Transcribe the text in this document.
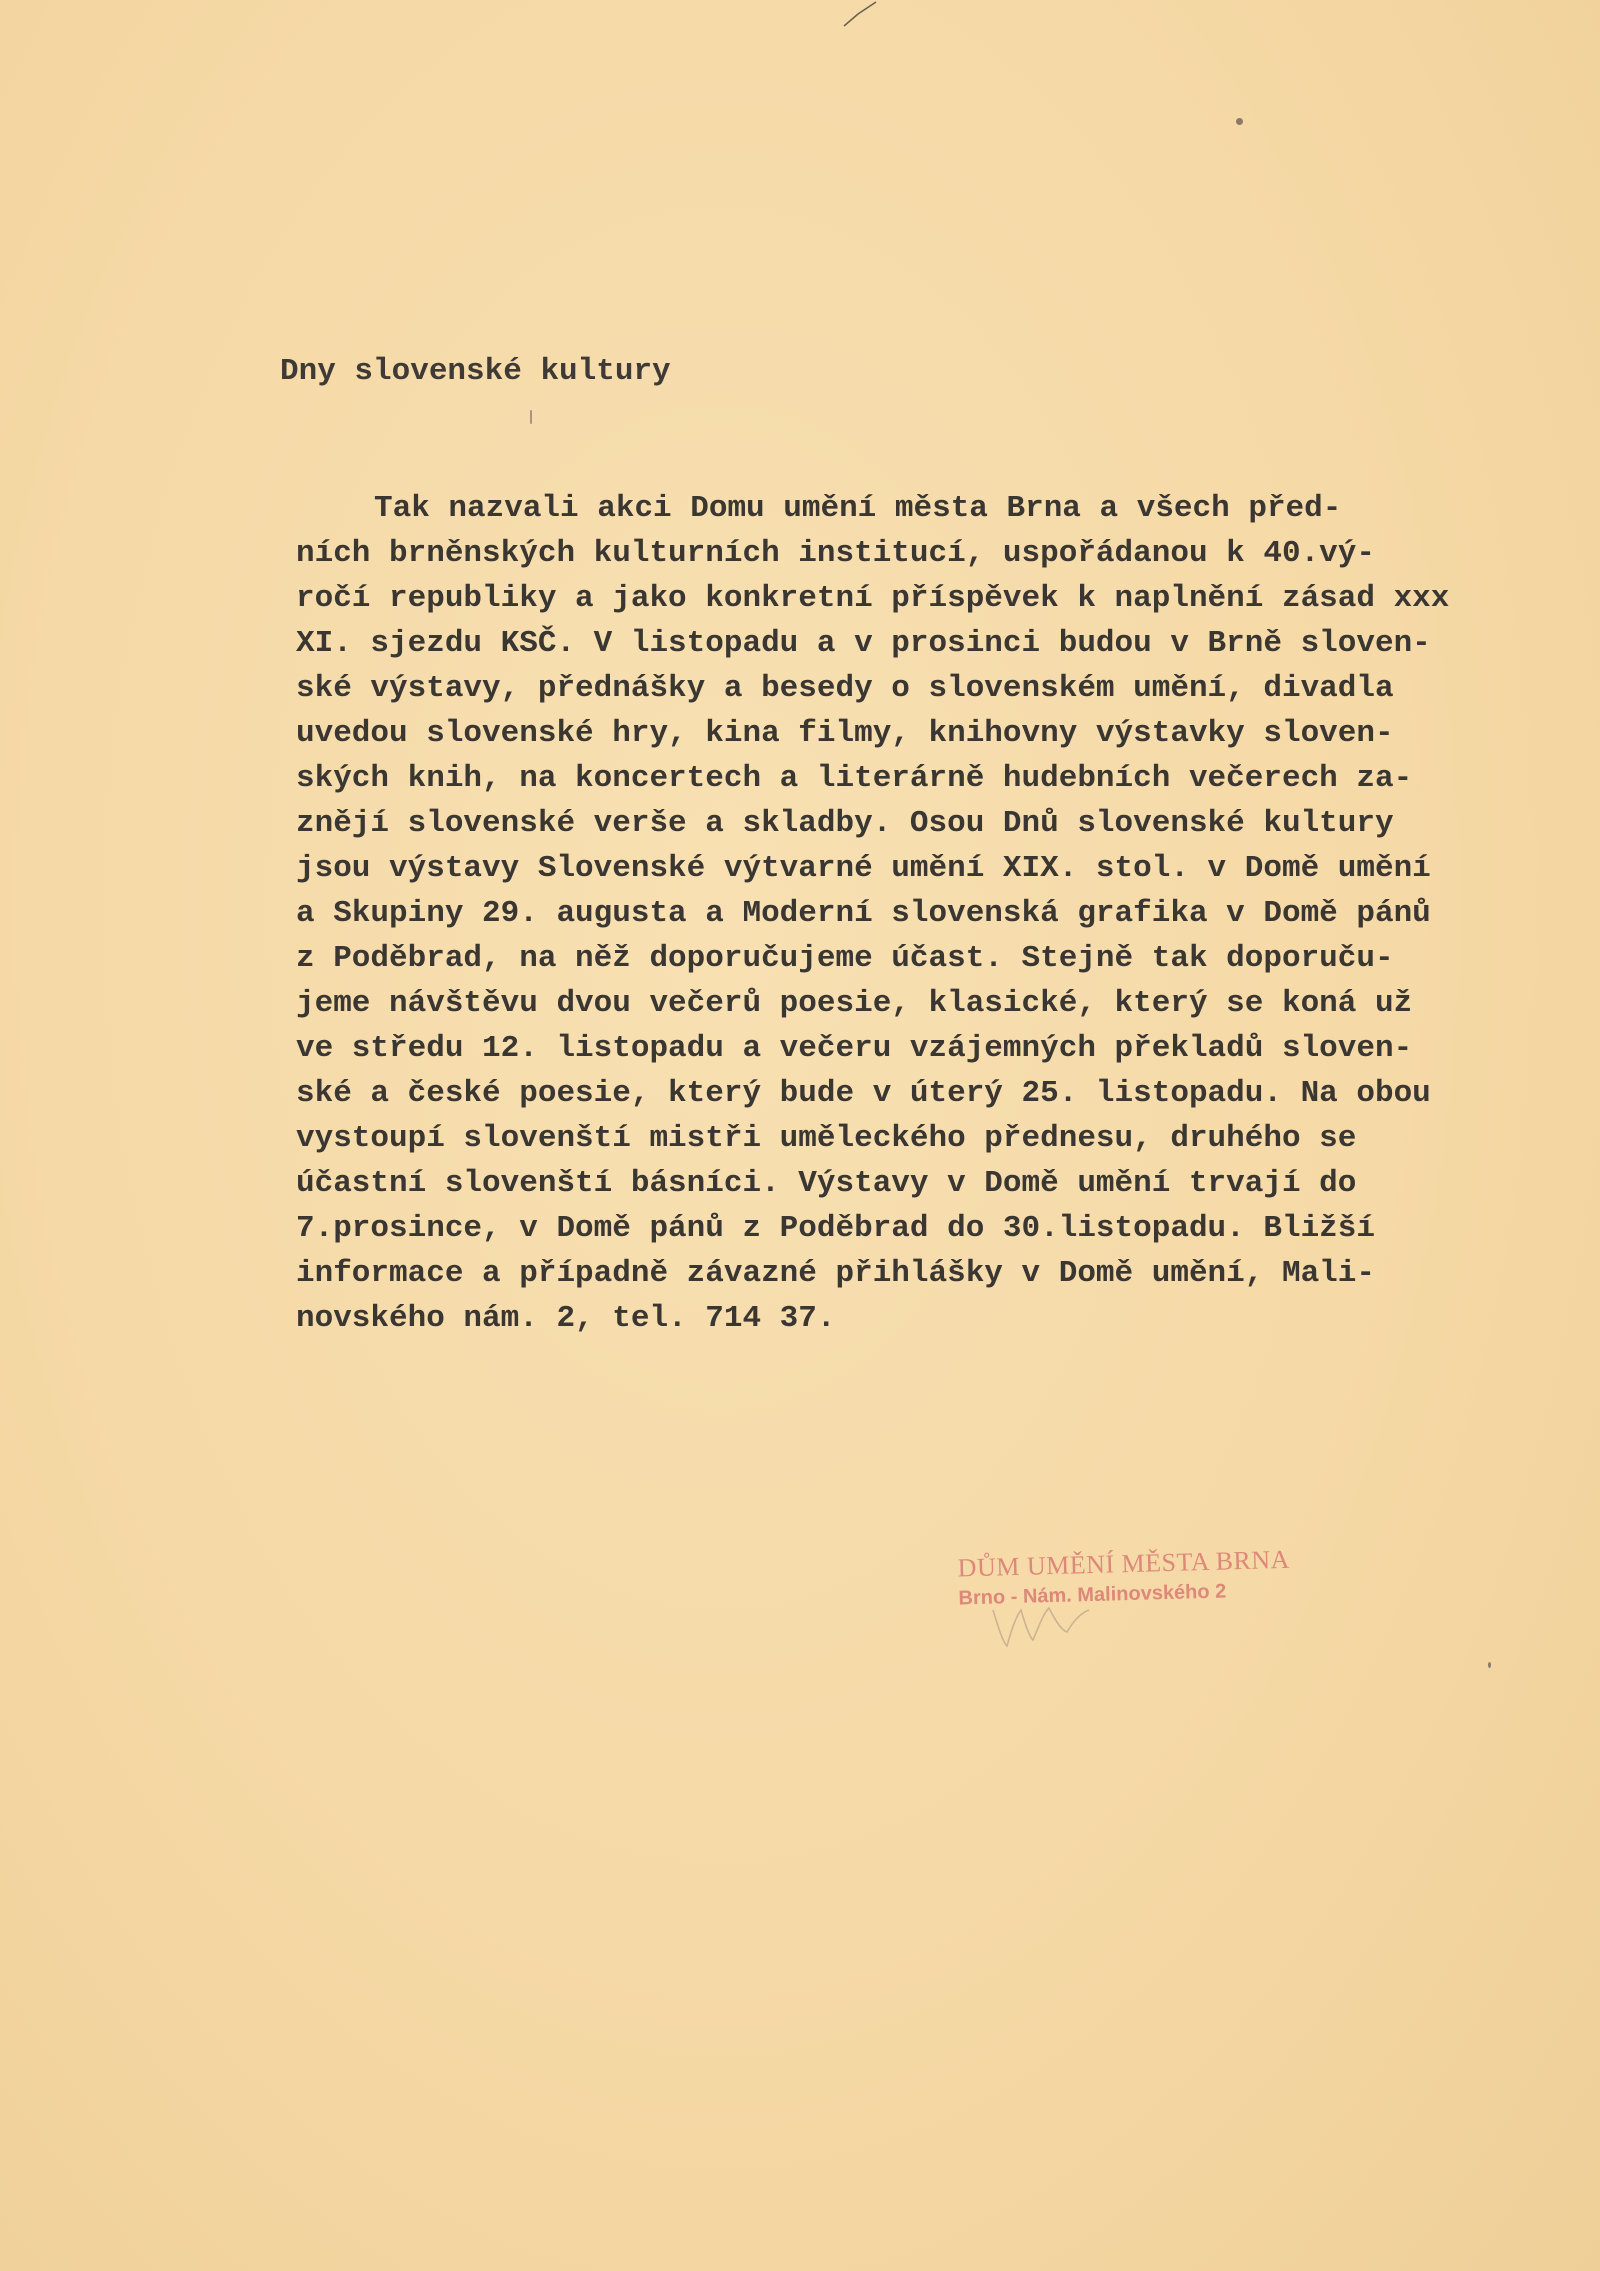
Dny slovenské kultury
Tak nazvali akci Domu umění města Brna a všech před-
ních brněnských kulturních institucí, uspořádanou k 40.vý-
ročí republiky a jako konkretní příspěvek k naplnění zásad xxx
XI. sjezdu KSČ. V listopadu a v prosinci budou v Brně sloven-
ské výstavy, přednášky a besedy o slovenském umění, divadla
uvedou slovenské hry, kina filmy, knihovny výstavky sloven-
ských knih, na koncertech a literárně hudebních večerech za-
znějí slovenské verše a skladby. Osou Dnů slovenské kultury
jsou výstavy Slovenské výtvarné umění XIX. stol. v Domě umění
a Skupiny 29. augusta a Moderní slovenská grafika v Domě pánů
z Poděbrad, na něž doporučujeme účast. Stejně tak doporuču-
jeme návštěvu dvou večerů poesie, klasické, který se koná už
ve středu 12. listopadu a večeru vzájemných překladů sloven-
ské a české poesie, který bude v úterý 25. listopadu. Na obou
vystoupí slovenští mistři uměleckého přednesu, druhého se
účastní slovenští básníci. Výstavy v Domě umění trvají do
7.prosince, v Domě pánů z Poděbrad do 30.listopadu. Bližší
informace a případně závazné přihlášky v Domě umění, Mali-
novského nám. 2, tel. 714 37.
DŮM UMĚNÍ MĚSTA BRNA
Brno - Nám. Malinovského 2
